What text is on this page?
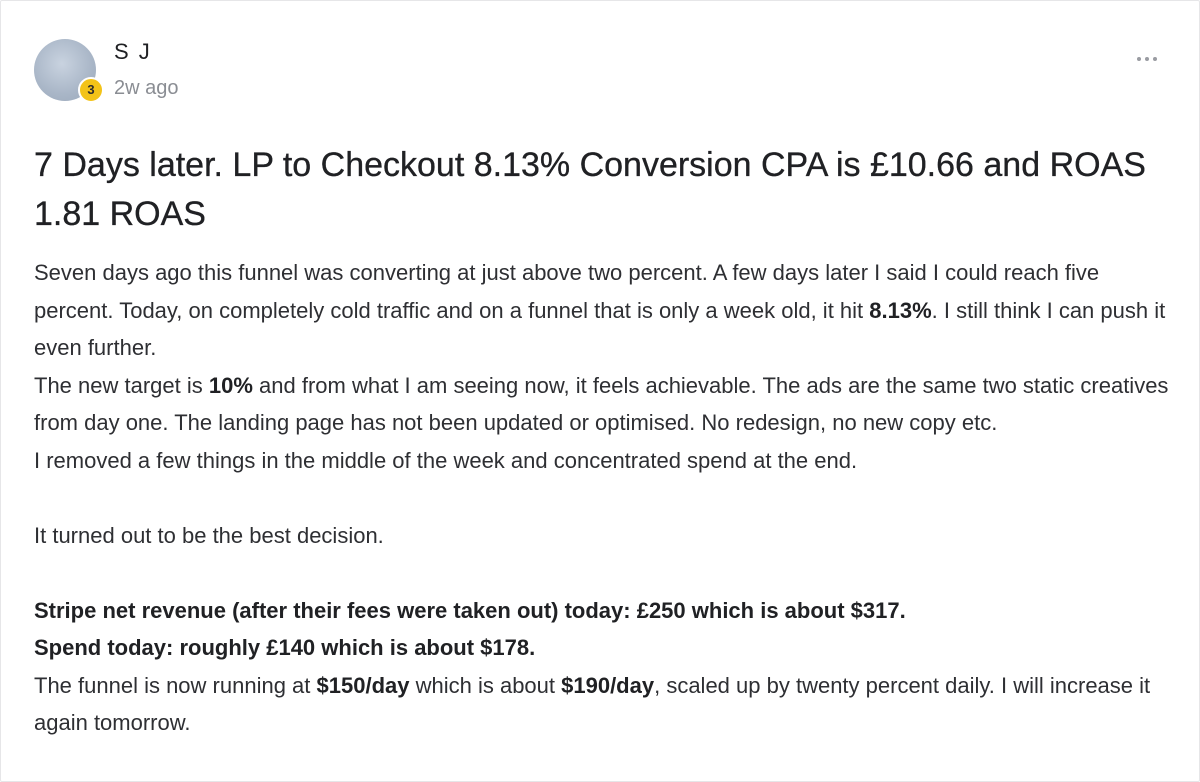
3
S J
2w ago
7 Days later. LP to Checkout 8.13% Conversion CPA is £10.66 and ROAS 1.81 ROAS

Seven days ago this funnel was converting at just above two percent. A few days later I said I could reach five percent. Today, on completely cold traffic and on a funnel that is only a week old, it hit 8.13%. I still think I can push it even further.

The new target is 10% and from what I am seeing now, it feels achievable. The ads are the same two static creatives from day one. The landing page has not been updated or optimised. No redesign, no new copy etc.

I removed a few things in the middle of the week and concentrated spend at the end.

It turned out to be the best decision.

Stripe net revenue (after their fees were taken out) today: £250 which is about $317.

Spend today: roughly £140 which is about $178.

The funnel is now running at $150/day which is about $190/day, scaled up by twenty percent daily. I will increase it again tomorrow.
